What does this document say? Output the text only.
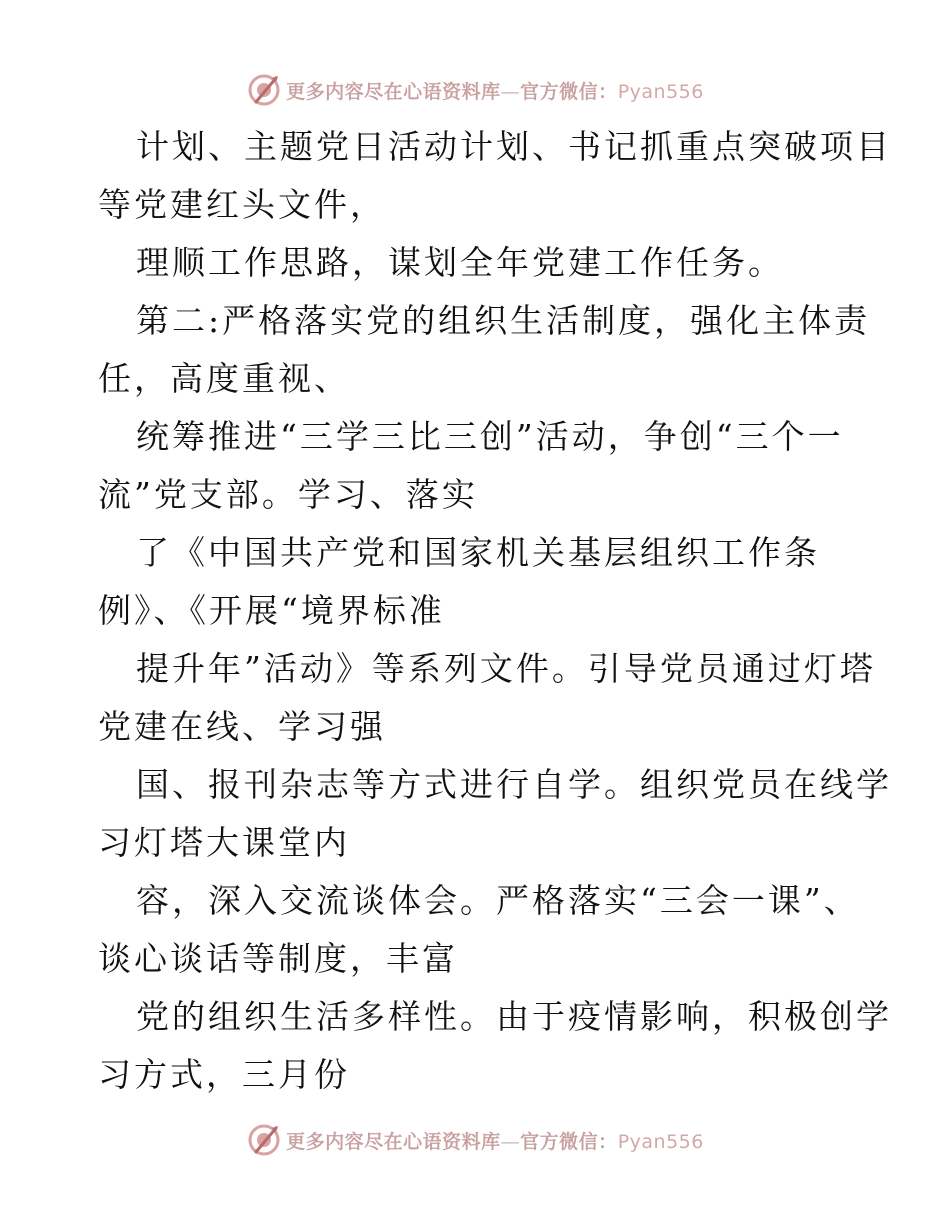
更多内容尽在心语资料库—官方微信：Pyan556
计划、主题党日活动计划、书记抓重点突破项目
等党建红头文件，
理顺工作思路，谋划全年党建工作任务。
第二:严格落实党的组织生活制度，强化主体责
任，高度重视、
统筹推进“三学三比三创”活动，争创“三个一
流”党支部。学习、落实
了《中国共产党和国家机关基层组织工作条
例》、《开展“境界标准
提升年”活动》等系列文件。引导党员通过灯塔
党建在线、学习强
国、报刊杂志等方式进行自学。组织党员在线学
习灯塔大课堂内
容，深入交流谈体会。严格落实“三会一课”、
谈心谈话等制度，丰富
党的组织生活多样性。由于疫情影响，积极创学
习方式，三月份
更多内容尽在心语资料库—官方微信：Pyan556
